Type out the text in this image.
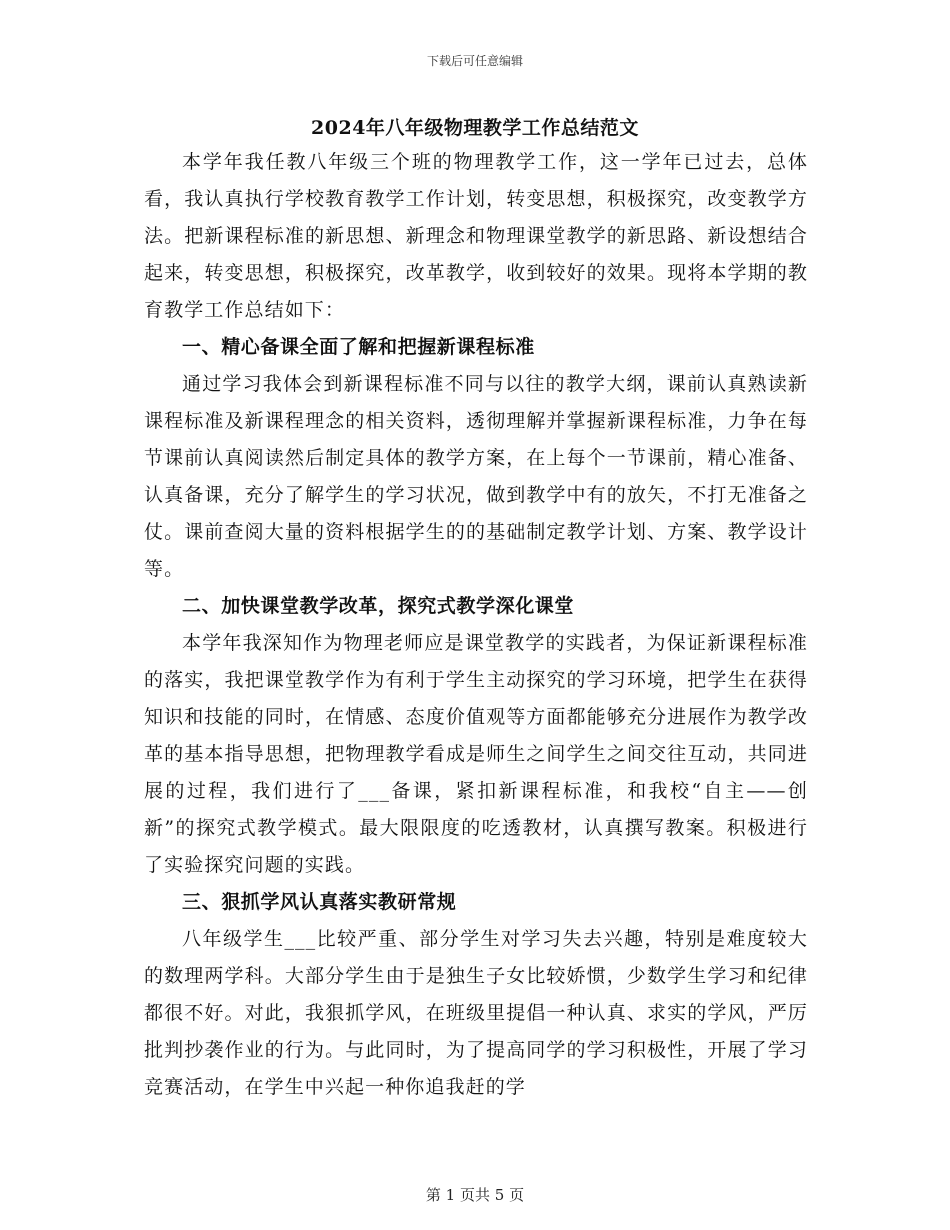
下载后可任意编辑
2024年八年级物理教学工作总结范文

本学年我任教八年级三个班的物理教学工作，这一学年已过去，总体看，我认真执行学校教育教学工作计划，转变思想，积极探究，改变教学方法。把新课程标准的新思想、新理念和物理课堂教学的新思路、新设想结合起来，转变思想，积极探究，改革教学，收到较好的效果。现将本学期的教育教学工作总结如下：

一、精心备课全面了解和把握新课程标准

通过学习我体会到新课程标准不同与以往的教学大纲，课前认真熟读新课程标准及新课程理念的相关资料，透彻理解并掌握新课程标准，力争在每节课前认真阅读然后制定具体的教学方案，在上每个一节课前，精心准备、认真备课，充分了解学生的学习状况，做到教学中有的放矢，不打无准备之仗。课前查阅大量的资料根据学生的的基础制定教学计划、方案、教学设计等。

二、加快课堂教学改革，探究式教学深化课堂

本学年我深知作为物理老师应是课堂教学的实践者，为保证新课程标准的落实，我把课堂教学作为有利于学生主动探究的学习环境，把学生在获得知识和技能的同时，在情感、态度价值观等方面都能够充分进展作为教学改革的基本指导思想，把物理教学看成是师生之间学生之间交往互动，共同进展的过程，我们进行了___备课，紧扣新课程标准，和我校“自主——创新”的探究式教学模式。最大限限度的吃透教材，认真撰写教案。积极进行了实验探究问题的实践。

三、狠抓学风认真落实教研常规

八年级学生___比较严重、部分学生对学习失去兴趣，特别是难度较大的数理两学科。大部分学生由于是独生子女比较娇惯，少数学生学习和纪律都很不好。对此，我狠抓学风，在班级里提倡一种认真、求实的学风，严厉批判抄袭作业的行为。与此同时，为了提高同学的学习积极性，开展了学习竞赛活动，在学生中兴起一种你追我赶的学

第 1 页共 5 页
